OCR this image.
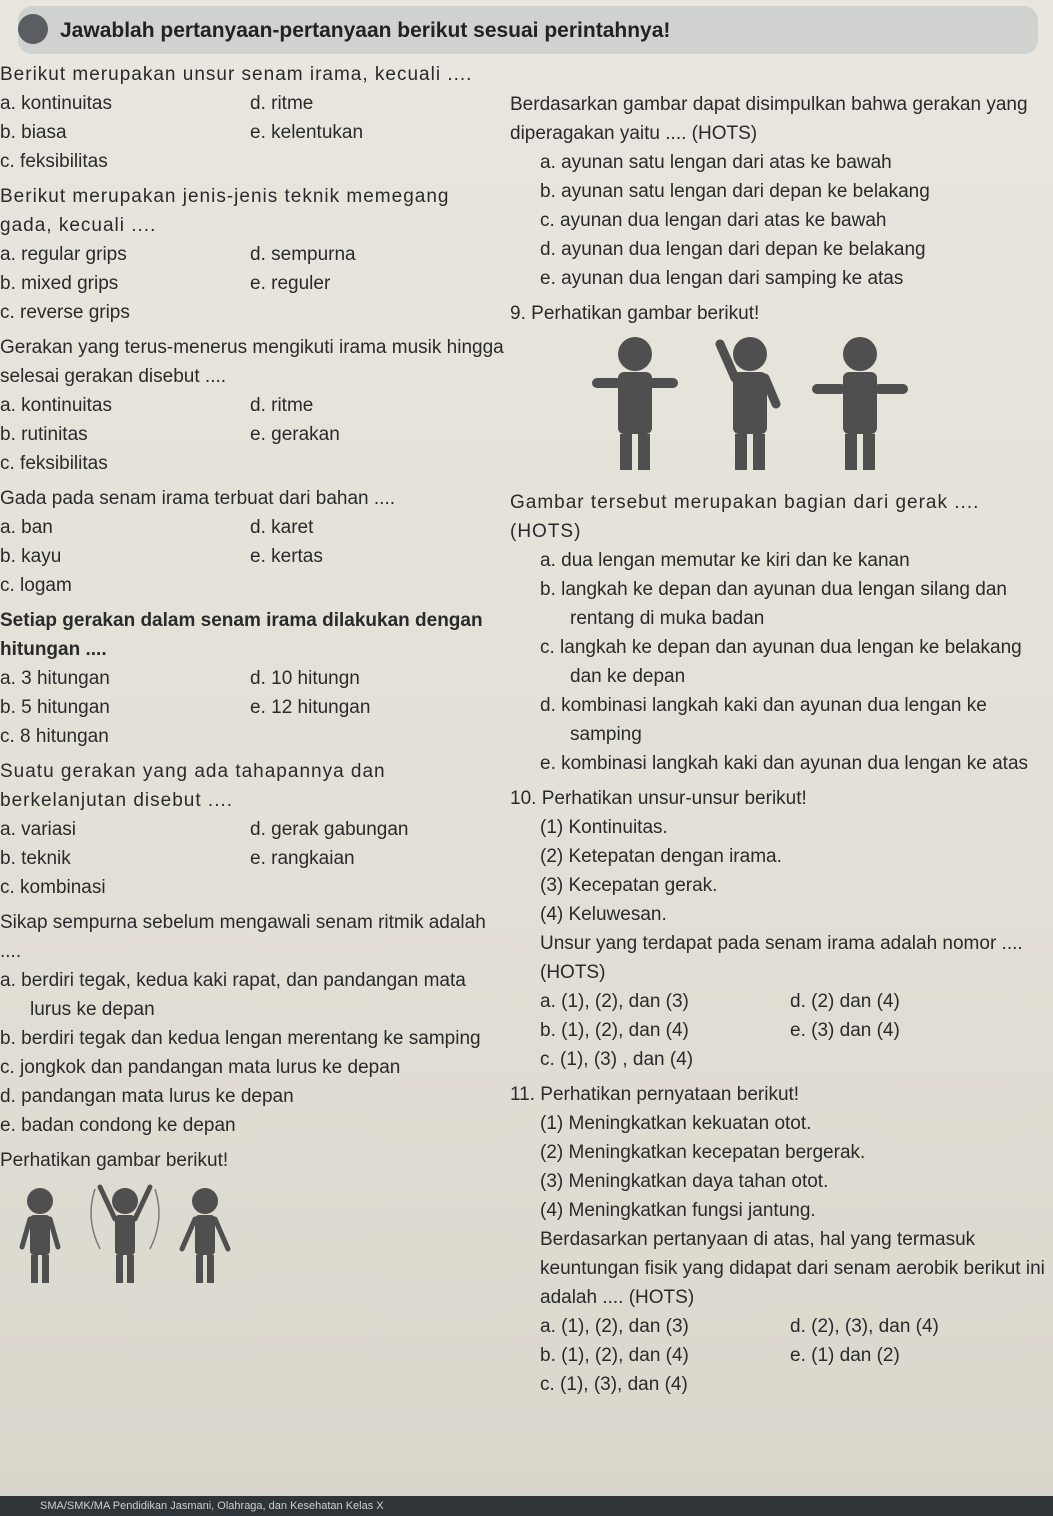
Jawablah pertanyaan-pertanyaan berikut sesuai perintahnya!
Berikut merupakan unsur senam irama, kecuali ....
a. kontinuitas	d. ritme
b. biasa	e. kelentukan
c. feksibilitas
Berikut merupakan jenis-jenis teknik memegang gada, kecuali ....
a. regular grips	d. sempurna
b. mixed grips	e. reguler
c. reverse grips
Gerakan yang terus-menerus mengikuti irama musik hingga selesai gerakan disebut ....
a. kontinuitas	d. ritme
b. rutinitas	e. gerakan
c. feksibilitas
Gada pada senam irama terbuat dari bahan ....
a. ban	d. karet
b. kayu	e. kertas
c. logam
Setiap gerakan dalam senam irama dilakukan dengan hitungan ....
a. 3 hitungan	d. 10 hitungn
b. 5 hitungan	e. 12 hitungan
c. 8 hitungan
Suatu gerakan yang ada tahapannya dan berkelanjutan disebut ....
a. variasi	d. gerak gabungan
b. teknik	e. rangkaian
c. kombinasi
Sikap sempurna sebelum mengawali senam ritmik adalah ....
a. berdiri tegak, kedua kaki rapat, dan pandangan mata lurus ke depan
b. berdiri tegak dan kedua lengan merentang ke samping
c. jongkok dan pandangan mata lurus ke depan
d. pandangan mata lurus ke depan
e. badan condong ke depan
Perhatikan gambar berikut!
Berdasarkan gambar dapat disimpulkan bahwa gerakan yang diperagakan yaitu .... (HOTS)
a. ayunan satu lengan dari atas ke bawah
b. ayunan satu lengan dari depan ke belakang
c. ayunan dua lengan dari atas ke bawah
d. ayunan dua lengan dari depan ke belakang
e. ayunan dua lengan dari samping ke atas
9. Perhatikan gambar berikut!
Gambar tersebut merupakan bagian dari gerak .... (HOTS)
a. dua lengan memutar ke kiri dan ke kanan
b. langkah ke depan dan ayunan dua lengan silang dan rentang di muka badan
c. langkah ke depan dan ayunan dua lengan ke belakang dan ke depan
d. kombinasi langkah kaki dan ayunan dua lengan ke samping
e. kombinasi langkah kaki dan ayunan dua lengan ke atas
10. Perhatikan unsur-unsur berikut!
(1) Kontinuitas.
(2) Ketepatan dengan irama.
(3) Kecepatan gerak.
(4) Keluwesan.
Unsur yang terdapat pada senam irama adalah nomor .... (HOTS)
a. (1), (2), dan (3)	d. (2) dan (4)
b. (1), (2), dan (4)	e. (3) dan (4)
c. (1), (3) , dan (4)
11. Perhatikan pernyataan berikut!
(1) Meningkatkan kekuatan otot.
(2) Meningkatkan kecepatan bergerak.
(3) Meningkatkan daya tahan otot.
(4) Meningkatkan fungsi jantung.
Berdasarkan pertanyaan di atas, hal yang termasuk keuntungan fisik yang didapat dari senam aerobik berikut ini adalah .... (HOTS)
a. (1), (2), dan (3)	d. (2), (3), dan (4)
b. (1), (2), dan (4)	e. (1) dan (2)
c. (1), (3), dan (4)
SMA/SMK/MA Pendidikan Jasmani, Olahraga, dan Kesehatan Kelas X
